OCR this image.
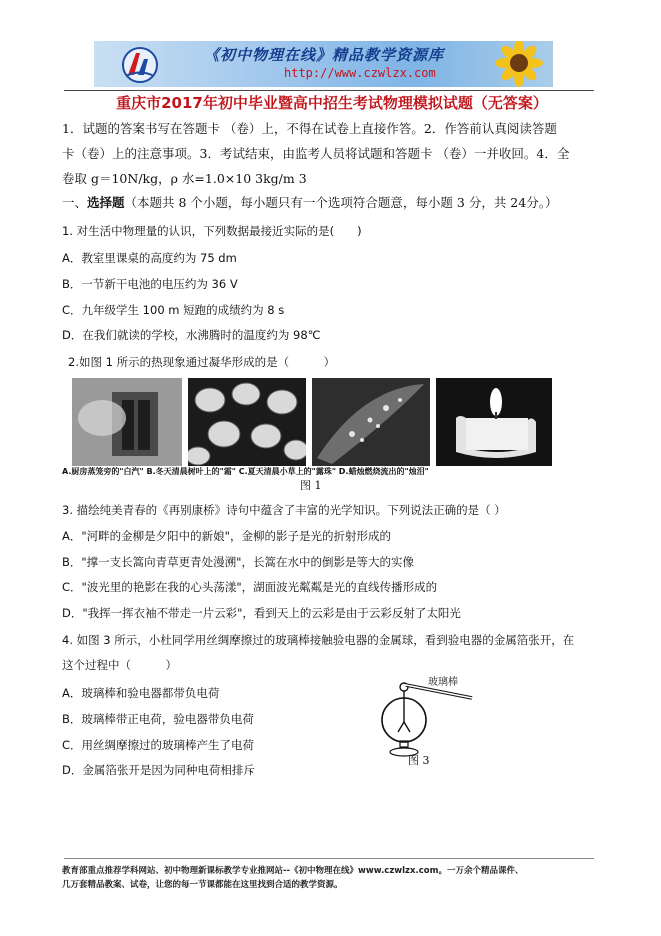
《初中物理在线》精品教学资源库
http://www.czwlzx.com
重庆市2017年初中毕业暨高中招生考试物理模拟试题（无答案）
1．试题的答案书写在答题卡 （卷）上，不得在试卷上直接作答。2．作答前认真阅读答题
卡（卷）上的注意事项。3．考试结束，由监考人员将试题和答题卡 （卷）一并收回。4．全
卷取 g＝10N/kg，ρ 水=1.0×10 3kg/m 3
一、选择题（本题共 8 个小题，每小题只有一个选项符合题意，每小题 3 分，共 24分。）
1. 对生活中物理量的认识，下列数据最接近实际的是(　　)
A．教室里课桌的高度约为 75 dm
B．一节新干电池的电压约为 36 V
C．九年级学生 100 m 短跑的成绩约为 8 s
D．在我们就读的学校，水沸腾时的温度约为 98℃
2.如图 1 所示的热现象通过凝华形成的是（　　　）
A.厨房蒸笼旁的"白汽" B.冬天清晨树叶上的"霜" C.夏天清晨小草上的"露珠" D.蜡烛燃烧流出的"烛泪"
图 1
3. 描绘纯美青春的《再别康桥》诗句中蕴含了丰富的光学知识。下列说法正确的是（ ）
A．"河畔的金柳是夕阳中的新娘"，金柳的影子是光的折射形成的
B．"撑一支长篙向青草更青处漫溯"，长篙在水中的倒影是等大的实像
C．"波光里的艳影在我的心头荡漾"，湖面波光粼粼是光的直线传播形成的
D．"我挥一挥衣袖不带走一片云彩"，看到天上的云彩是由于云彩反射了太阳光
4. 如图 3 所示，小杜同学用丝绸摩擦过的玻璃棒接触验电器的金属球，看到验电器的金属箔张开，在
这个过程中（　　　）
A．玻璃棒和验电器都带负电荷
B．玻璃棒带正电荷，验电器带负电荷
C．用丝绸摩擦过的玻璃棒产生了电荷
D．金属箔张开是因为同种电荷相排斥
玻璃棒
图 3
教育部重点推荐学科网站、初中物理新课标教学专业推网站--《初中物理在线》www.czwlzx.com。一万余个精品课件、
几万套精品教案、试卷，让您的每一节课都能在这里找到合适的教学资源。
